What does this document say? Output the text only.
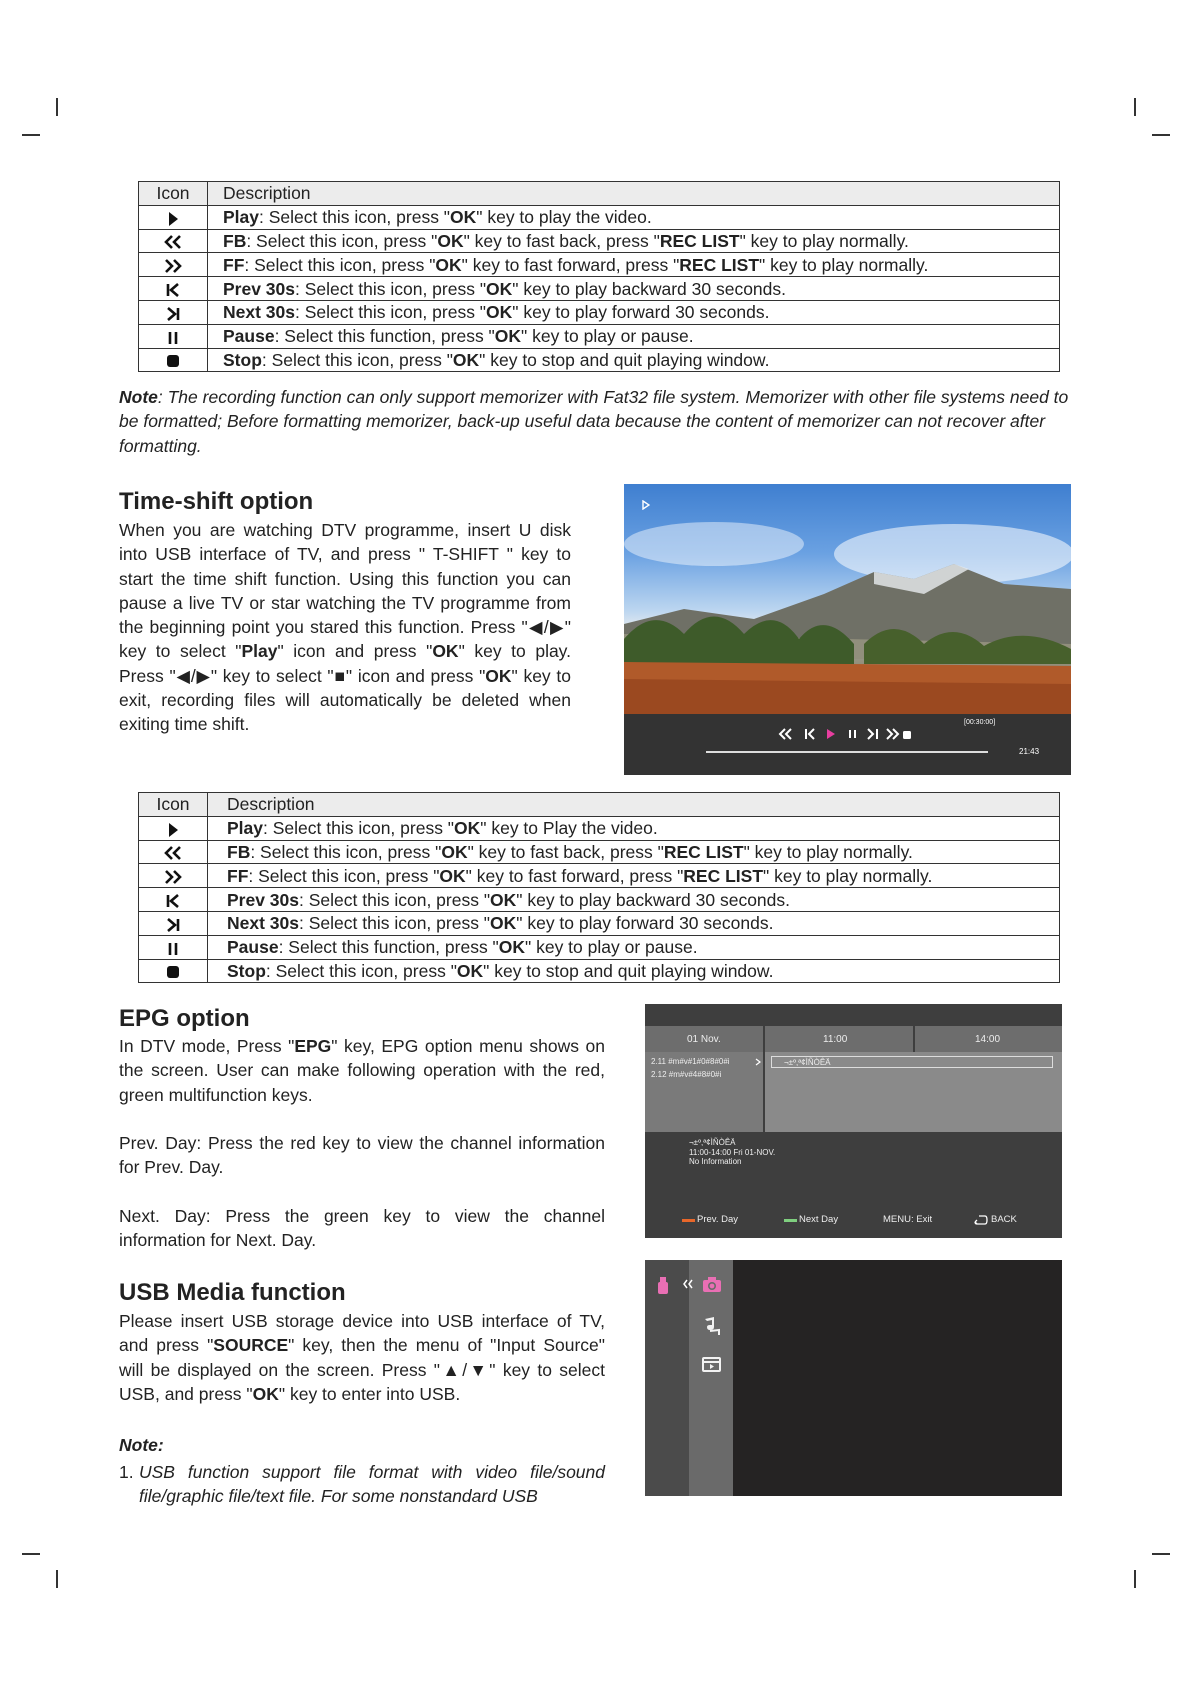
Icon	Description
	Play: Select this icon, press "OK" key to play the video.
	FB: Select this icon, press "OK" key to fast back, press "REC LIST" key to play normally.
	FF: Select this icon, press "OK" key to fast forward, press "REC LIST" key to play normally.
	Prev 30s: Select this icon, press "OK" key to play backward 30 seconds.
	Next 30s: Select this icon, press "OK" key to play forward 30 seconds.
	Pause: Select this function, press "OK" key to play or pause.
	Stop: Select this icon, press "OK" key to stop and quit playing window.

Note: The recording function can only support memorizer with Fat32 file system. Memorizer with other file systems need to be formatted; Before formatting memorizer, back-up useful data because the content of memorizer can not recover after formatting.

Time-shift option

When you are watching DTV programme, insert U disk into USB interface of TV, and press " T-SHIFT " key to start the time shift function. Using this function you can pause a live TV or star watching the TV programme from the beginning point you stared this function. Press "◀/▶" key to select "Play" icon and press "OK" key to play. Press "◀/▶" key to select "■" icon and press "OK" key to exit, recording files will automatically be deleted when exiting time shift.	[00:30:00]
21:43
Icon	Description
	Play: Select this icon, press "OK" key to Play the video.
	FB: Select this icon, press "OK" key to fast back, press "REC LIST" key to play normally.
	FF: Select this icon, press "OK" key to fast forward, press "REC LIST" key to play normally.
	Prev 30s: Select this icon, press "OK" key to play backward 30 seconds.
	Next 30s: Select this icon, press "OK" key to play forward 30 seconds.
	Pause: Select this function, press "OK" key to play or pause.
	Stop: Select this icon, press "OK" key to stop and quit playing window.
EPG option

In DTV mode, Press "EPG" key, EPG option menu shows on the screen. User can make following operation with the red, green multifunction keys.

Prev. Day: Press the red key to view the channel information for Prev. Day.

Next. Day: Press the green key to view the channel information for Next. Day.

01 Nov.	11:00	14:00
2.11 #m#v#1#0#8#0#i
2.12 #m#v#4#8#0#i
¬±º,ª¢ÌÑÒÊÄ
¬±º,ª¢ÌÑÒÊÄ
11:00-14:00 Fri 01-NOV.
No Information
Prev. Day	Next Day	MENU: Exit	BACK
USB Media function

Please insert USB storage device into USB interface of TV, and press "SOURCE" key, then the menu of "Input Source" will be displayed on the screen. Press "▲/▼" key to select USB, and press "OK" key to enter into USB.

Note:
1. USB function support file format with video file/sound file/graphic file/text file. For some nonstandard USB
